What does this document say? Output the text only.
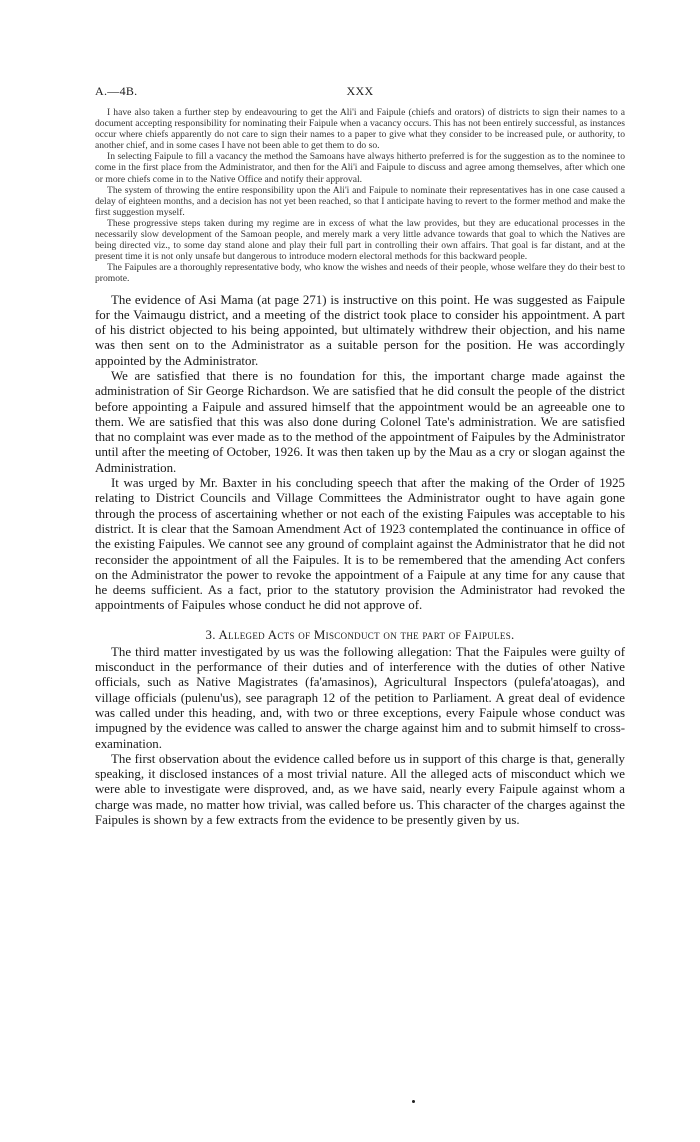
A.—4B.	XXX

I have also taken a further step by endeavouring to get the Ali'i and Faipule (chiefs and orators) of districts to sign their names to a document accepting responsibility for nominating their Faipule when a vacancy occurs. This has not been entirely successful, as instances occur where chiefs apparently do not care to sign their names to a paper to give what they consider to be increased pule, or authority, to another chief, and in some cases I have not been able to get them to do so.

In selecting Faipule to fill a vacancy the method the Samoans have always hitherto preferred is for the suggestion as to the nominee to come in the first place from the Administrator, and then for the Ali'i and Faipule to discuss and agree among themselves, after which one or more chiefs come in to the Native Office and notify their approval.

The system of throwing the entire responsibility upon the Ali'i and Faipule to nominate their representatives has in one case caused a delay of eighteen months, and a decision has not yet been reached, so that I anticipate having to revert to the former method and make the first suggestion myself.

These progressive steps taken during my regime are in excess of what the law provides, but they are educational processes in the necessarily slow development of the Samoan people, and merely mark a very little advance towards that goal to which the Natives are being directed viz., to some day stand alone and play their full part in controlling their own affairs. That goal is far distant, and at the present time it is not only unsafe but dangerous to introduce modern electoral methods for this backward people.

The Faipules are a thoroughly representative body, who know the wishes and needs of their people, whose welfare they do their best to promote.

The evidence of Asi Mama (at page 271) is instructive on this point. He was suggested as Faipule for the Vaimaugu district, and a meeting of the district took place to consider his appointment. A part of his district objected to his being appointed, but ultimately withdrew their objection, and his name was then sent on to the Administrator as a suitable person for the position. He was accordingly appointed by the Administrator.

We are satisfied that there is no foundation for this, the important charge made against the administration of Sir George Richardson. We are satisfied that he did consult the people of the district before appointing a Faipule and assured himself that the appointment would be an agreeable one to them. We are satisfied that this was also done during Colonel Tate's administration. We are satisfied that no complaint was ever made as to the method of the appointment of Faipules by the Administrator until after the meeting of October, 1926. It was then taken up by the Mau as a cry or slogan against the Administration.

It was urged by Mr. Baxter in his concluding speech that after the making of the Order of 1925 relating to District Councils and Village Committees the Administrator ought to have again gone through the process of ascertaining whether or not each of the existing Faipules was acceptable to his district. It is clear that the Samoan Amendment Act of 1923 contemplated the continuance in office of the existing Faipules. We cannot see any ground of complaint against the Administrator that he did not reconsider the appointment of all the Faipules. It is to be remembered that the amending Act confers on the Administrator the power to revoke the appointment of a Faipule at any time for any cause that he deems sufficient. As a fact, prior to the statutory provision the Administrator had revoked the appointments of Faipules whose conduct he did not approve of.

3. Alleged Acts of Misconduct on the part of Faipules.

The third matter investigated by us was the following allegation: That the Faipules were guilty of misconduct in the performance of their duties and of interference with the duties of other Native officials, such as Native Magistrates (fa'amasinos), Agricultural Inspectors (pulefa'atoagas), and village officials (pulenu'us), see paragraph 12 of the petition to Parliament. A great deal of evidence was called under this heading, and, with two or three exceptions, every Faipule whose conduct was impugned by the evidence was called to answer the charge against him and to submit himself to cross-examination.

The first observation about the evidence called before us in support of this charge is that, generally speaking, it disclosed instances of a most trivial nature. All the alleged acts of misconduct which we were able to investigate were disproved, and, as we have said, nearly every Faipule against whom a charge was made, no matter how trivial, was called before us. This character of the charges against the Faipules is shown by a few extracts from the evidence to be presently given by us.
